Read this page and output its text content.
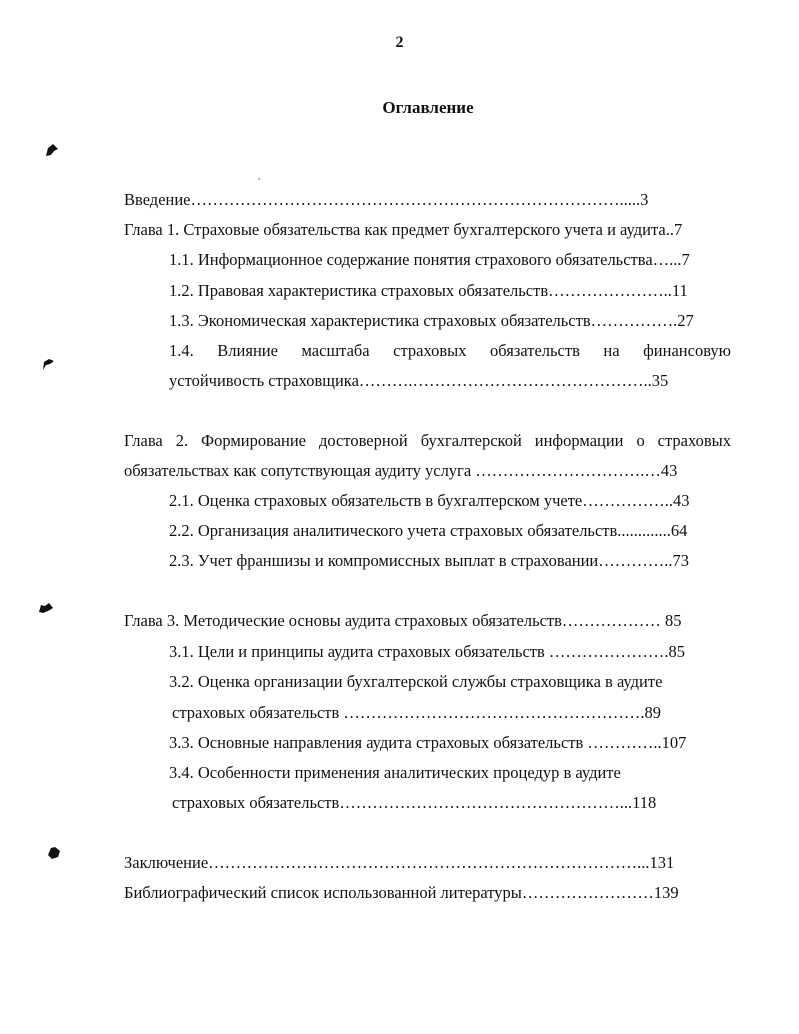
2
Оглавление
Введение…………………………………………………………………….....3
Глава 1. Страховые обязательства как предмет бухгалтерского учета и аудита..7
1.1. Информационное содержание понятия страхового обязательства…...7
1.2. Правовая характеристика страховых обязательств…………………..11
1.3. Экономическая характеристика страховых обязательств…………….27
1.4. Влияние масштаба страховых обязательств на финансовую
устойчивость страховщика……….……………………………………..35
Глава 2. Формирование достоверной бухгалтерской информации о страховых
обязательствах как сопутствующая аудиту услуга ………………………….…43
2.1. Оценка страховых обязательств в бухгалтерском учете……………..43
2.2. Организация аналитического учета страховых обязательств.............64
2.3. Учет франшизы и компромиссных выплат в страховании…………..73
Глава 3. Методические основы аудита страховых обязательств……………… 85
3.1. Цели и принципы аудита страховых обязательств ………………….85
3.2. Оценка организации бухгалтерской службы страховщика в аудите
страховых обязательств ……………………………………………….89
3.3. Основные направления аудита страховых обязательств …………..107
3.4. Особенности применения аналитических процедур в аудите
страховых обязательств……………………………………………...118
Заключение……………………………………………………………………...131
Библиографический список использованной литературы……………………139
